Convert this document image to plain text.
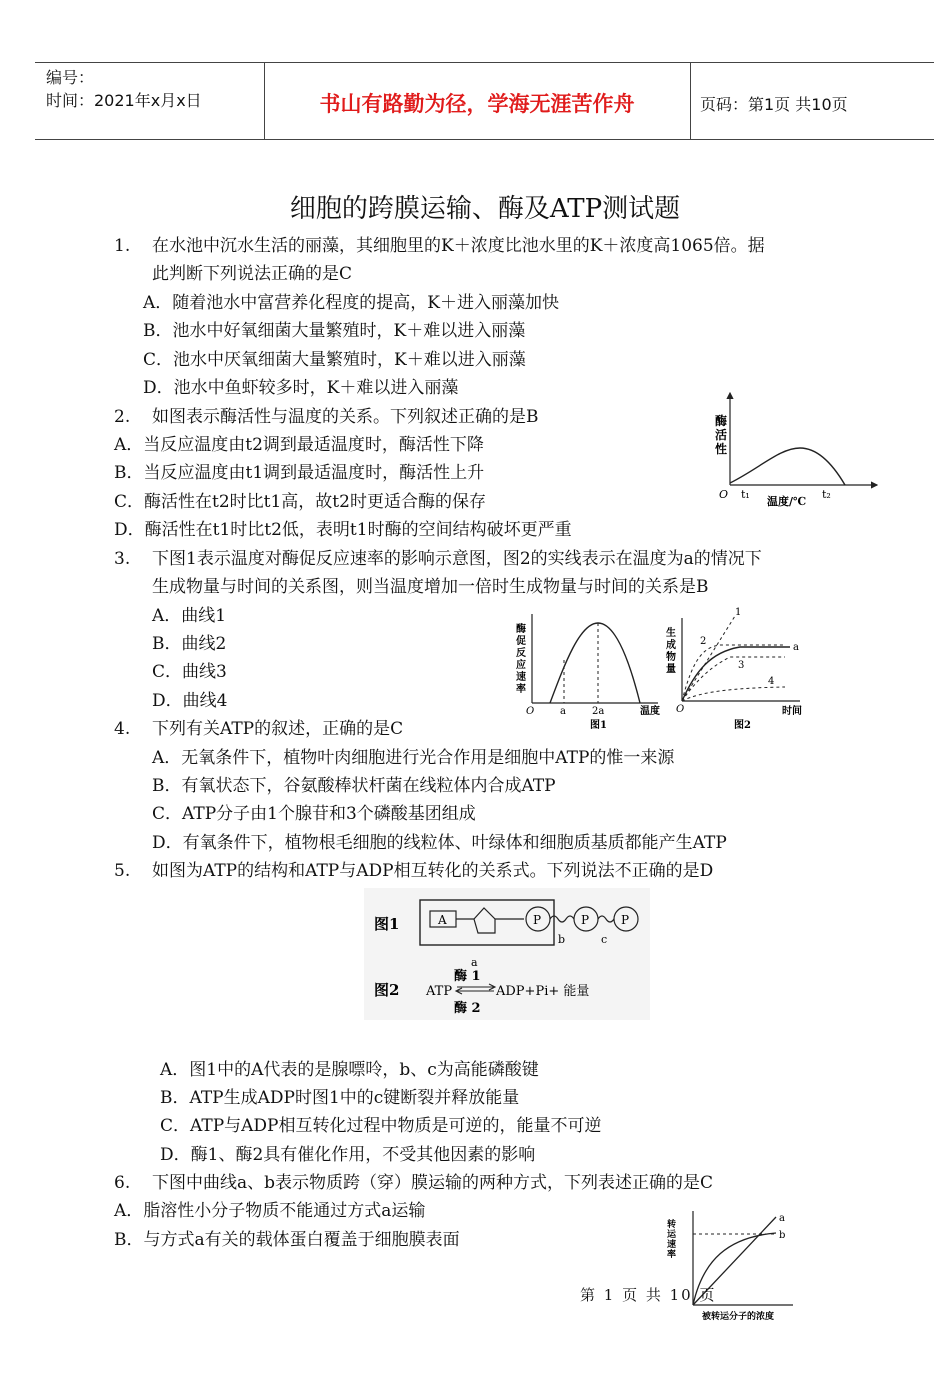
编号：
时间：2021年x月x日	书山有路勤为径，学海无涯苦作舟	页码：第1页 共10页
细胞的跨膜运输、酶及ATP测试题
1. 在水池中沉水生活的丽藻，其细胞里的K＋浓度比池水里的K＋浓度高1065倍。据
此判断下列说法正确的是C
A．随着池水中富营养化程度的提高，K＋进入丽藻加快
B．池水中好氧细菌大量繁殖时，K＋难以进入丽藻
C．池水中厌氧细菌大量繁殖时，K＋难以进入丽藻
D．池水中鱼虾较多时，K＋难以进入丽藻
2. 如图表示酶活性与温度的关系。下列叙述正确的是B
A．当反应温度由t2调到最适温度时，酶活性下降
B．当反应温度由t1调到最适温度时，酶活性上升
C．酶活性在t2时比t1高，故t2时更适合酶的保存
D．酶活性在t1时比t2低，表明t1时酶的空间结构破坏更严重
酶
活
性
O t₁	t₂
温度/℃
3. 下图1表示温度对酶促反应速率的影响示意图，图2的实线表示在温度为a的情况下
生成物量与时间的关系图，则当温度增加一倍时生成物量与时间的关系是B
A．曲线1
B．曲线2
C．曲线3
D．曲线4
酶
促
反
应
速
率
O	a	2a	温度
图1
生
成
物
量
1
2
3
4
a
O	时间
图2
4. 下列有关ATP的叙述，正确的是C
A．无氧条件下，植物叶肉细胞进行光合作用是细胞中ATP的惟一来源
B．有氧状态下，谷氨酸棒状杆菌在线粒体内合成ATP
C．ATP分子由1个腺苷和3个磷酸基团组成
D．有氧条件下，植物根毛细胞的线粒体、叶绿体和细胞质基质都能产生ATP
5. 如图为ATP的结构和ATP与ADP相互转化的关系式。下列说法不正确的是D
图1	A	P	P	P
b	c
图2
a
酶 1
ATP	ADP+Pi+ 能量
酶 2
A．图1中的A代表的是腺嘌呤，b、c为高能磷酸键
B．ATP生成ADP时图1中的c键断裂并释放能量
C．ATP与ADP相互转化过程中物质是可逆的，能量不可逆
D．酶1、酶2具有催化作用，不受其他因素的影响
6. 下图中曲线a、b表示物质跨（穿）膜运输的两种方式，下列表述正确的是C
A．脂溶性小分子物质不能通过方式a运输
B．与方式a有关的载体蛋白覆盖于细胞膜表面
a
b
转
运
速
率
被转运分子的浓度
第 1 页 共 10 页
